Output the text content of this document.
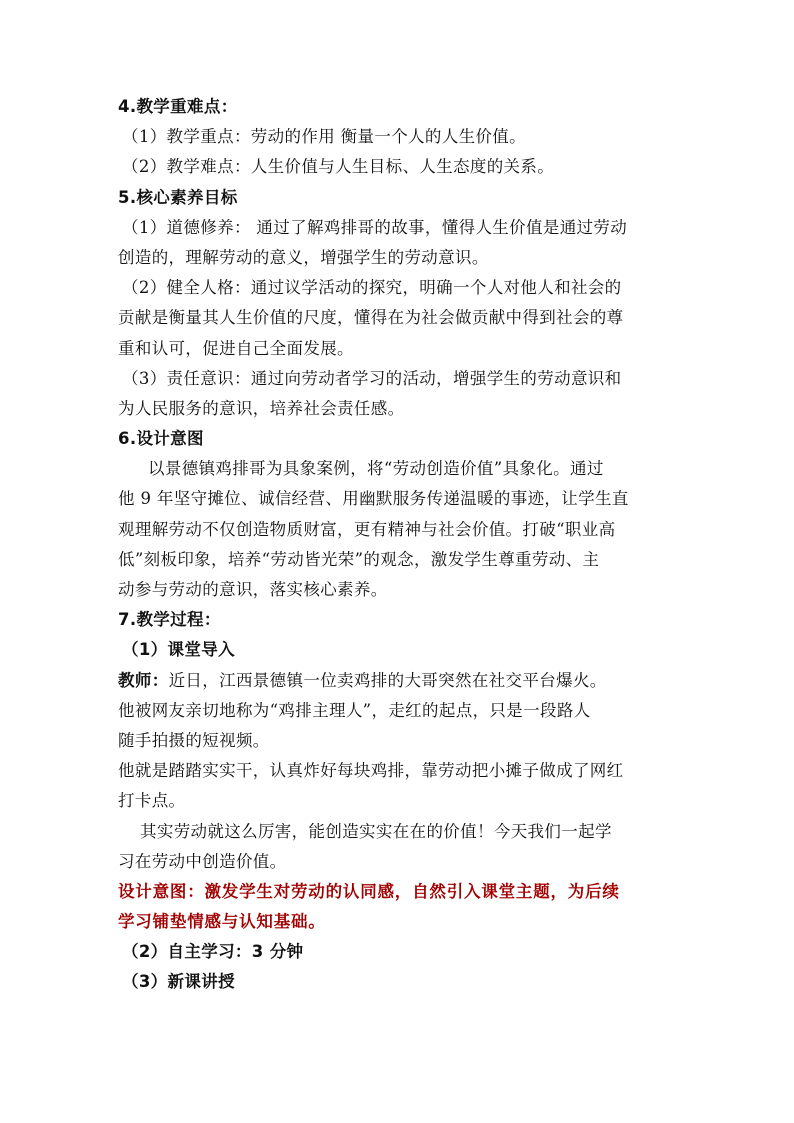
4.教学重难点：
（1）教学重点：劳动的作用 衡量一个人的人生价值。
（2）教学难点：人生价值与人生目标、人生态度的关系。
5.核心素养目标
（1）道德修养： 通过了解鸡排哥的故事，懂得人生价值是通过劳动
创造的，理解劳动的意义，增强学生的劳动意识。
（2）健全人格：通过议学活动的探究，明确一个人对他人和社会的
贡献是衡量其人生价值的尺度，懂得在为社会做贡献中得到社会的尊
重和认可，促进自己全面发展。
（3）责任意识：通过向劳动者学习的活动，增强学生的劳动意识和
为人民服务的意识，培养社会责任感。
6.设计意图
以景德镇鸡排哥为具象案例，将“劳动创造价值”具象化。通过
他 9 年坚守摊位、诚信经营、用幽默服务传递温暖的事迹，让学生直
观理解劳动不仅创造物质财富，更有精神与社会价值。打破“职业高
低”刻板印象，培养“劳动皆光荣”的观念，激发学生尊重劳动、主
动参与劳动的意识，落实核心素养。
7.教学过程：
（1）课堂导入
教师：近日，江西景德镇一位卖鸡排的大哥突然在社交平台爆火。
他被网友亲切地称为“鸡排主理人”，走红的起点，只是一段路人
随手拍摄的短视频。
他就是踏踏实实干，认真炸好每块鸡排，靠劳动把小摊子做成了网红
打卡点。
其实劳动就这么厉害，能创造实实在在的价值！今天我们一起学
习在劳动中创造价值。
设计意图：激发学生对劳动的认同感，自然引入课堂主题，为后续
学习铺垫情感与认知基础。
（2）自主学习：3 分钟
（3）新课讲授
